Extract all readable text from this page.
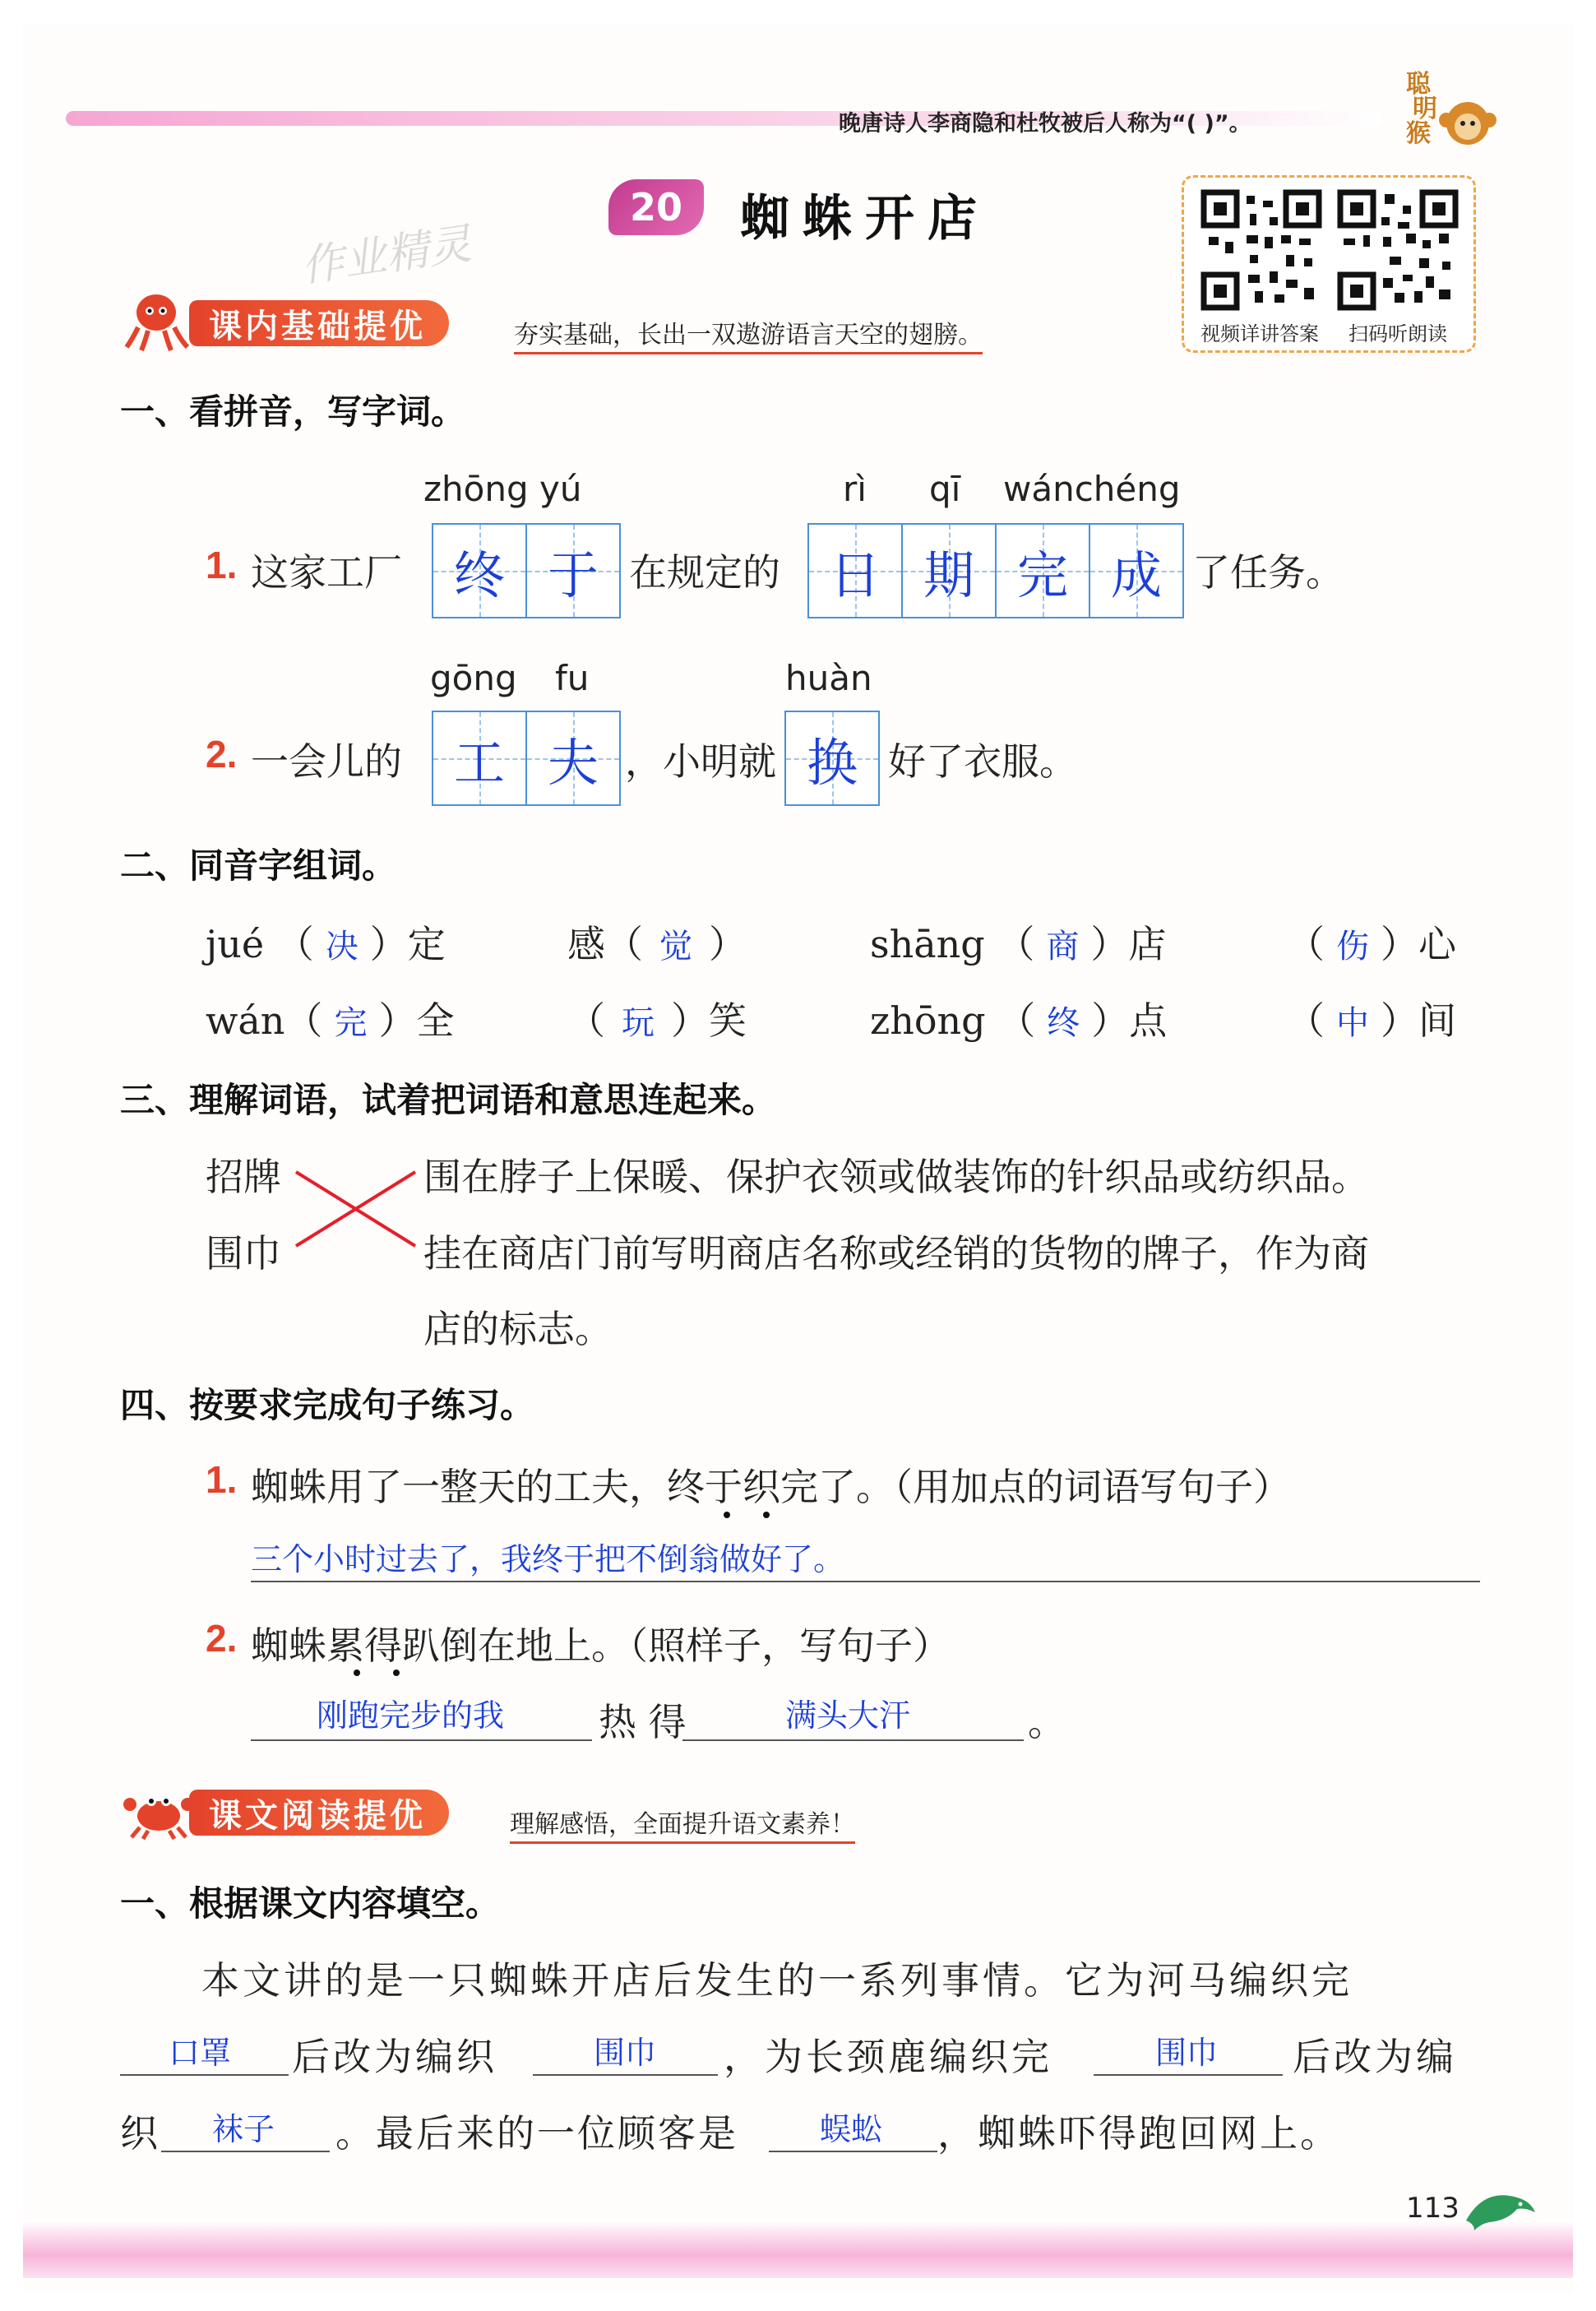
晚唐诗人李商隐和杜牧被后人称为“( )”。
聪
明
猴
20	蜘蛛开店
作业精灵
视频详讲答案 扫码听朗读
课内基础提优	夯实基础，长出一双遨游语言天空的翅膀。
一、看拼音，写字词。
zhōng yú	rì qī wánchéng
1. 这家工厂 终 于 在规定的 日 期 完 成 了任务。
gōng fu	huàn
2. 一会儿的 工 夫 ，小明就 换 好了衣服。
二、同音字组词。
jué （ 决 ）定	感（ 觉 ）	shāng （ 商 ）店	（ 伤 ）心
wán（ 完 ）全	（ 玩 ）笑	zhōng （ 终 ）点	（ 中 ）间
三、理解词语，试着把词语和意思连起来。
招牌
围巾
围在脖子上保暖、保护衣领或做装饰的针织品或纺织品。
挂在商店门前写明商店名称或经销的货物的牌子，作为商
店的标志。
四、按要求完成句子练习。
1. 蜘蛛用了一整天的工夫，终于织完了。（用加点的词语写句子）
三个小时过去了，我终于把不倒翁做好了。
2. 蜘蛛累得趴倒在地上。（照样子，写句子）
刚跑完步的我 热 得	满头大汗	。
课文阅读提优	理解感悟，全面提升语文素养！
一、根据课文内容填空。
本文讲的是一只蜘蛛开店后发生的一系列事情。它为河马编织完
口罩 后改为编织	围巾 ，为长颈鹿编织完	围巾 后改为编
织 袜子 。最后来的一位顾客是	蜈蚣 ，蜘蛛吓得跑回网上。
113
